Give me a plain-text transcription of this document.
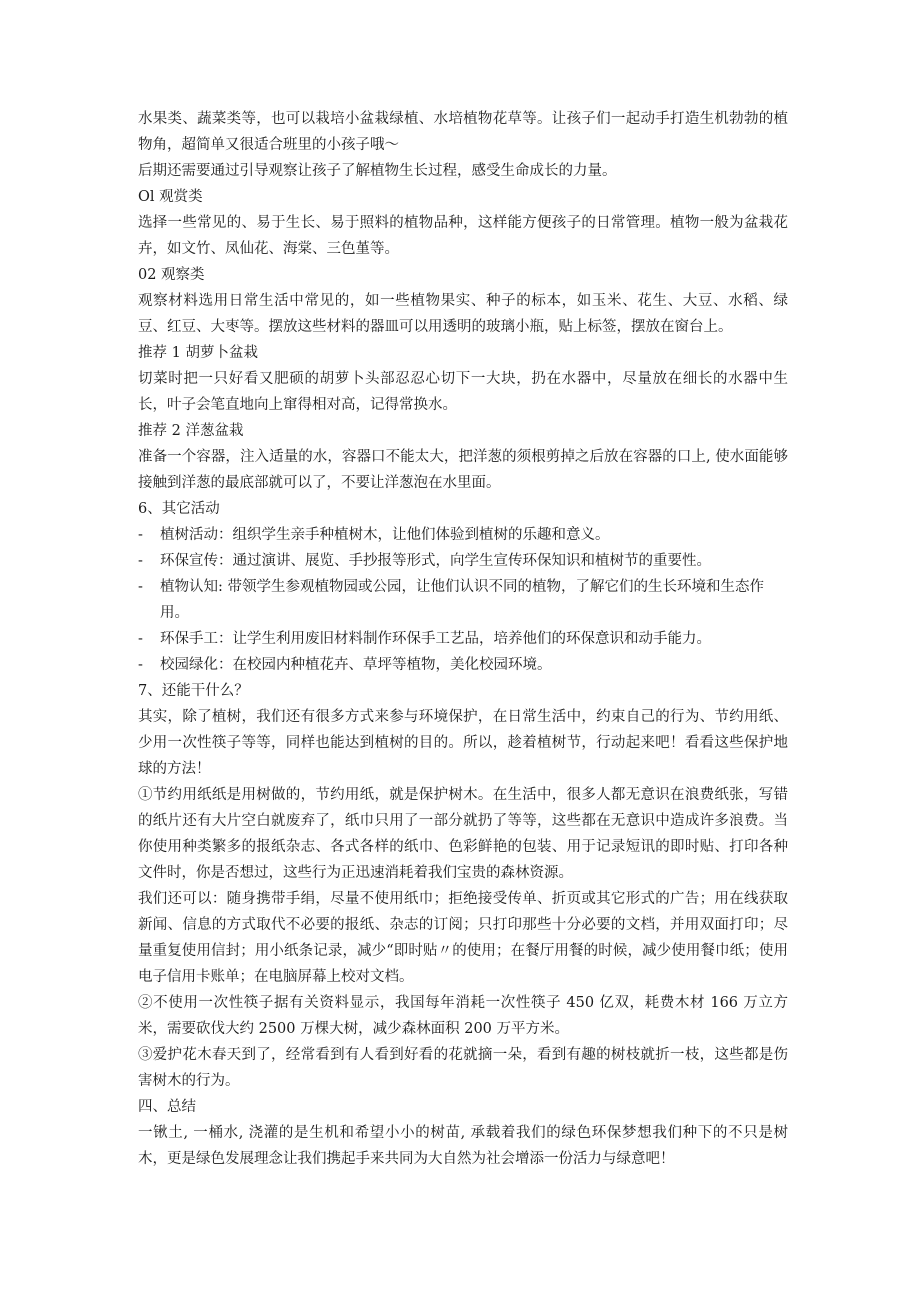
水果类、蔬菜类等，也可以栽培小盆栽绿植、水培植物花草等。让孩子们一起动手打造生机勃勃的植物角，超简单又很适合班里的小孩子哦〜

后期还需要通过引导观察让孩子了解植物生长过程，感受生命成长的力量。

Ol 观赏类

选择一些常见的、易于生长、易于照料的植物品种，这样能方便孩子的日常管理。植物一般为盆栽花卉，如文竹、凤仙花、海棠、三色堇等。

02 观察类

观察材料选用日常生活中常见的，如一些植物果实、种子的标本，如玉米、花生、大豆、水稻、绿豆、红豆、大枣等。摆放这些材料的器皿可以用透明的玻璃小瓶，贴上标签，摆放在窗台上。

推荐 1 胡萝卜盆栽

切菜时把一只好看又肥硕的胡萝卜头部忍忍心切下一大块，扔在水器中，尽量放在细长的水器中生长，叶子会笔直地向上窜得相对高，记得常换水。

推荐 2 洋葱盆栽

准备一个容器，注入适量的水，容器口不能太大，把洋葱的须根剪掉之后放在容器的口上, 使水面能够接触到洋葱的最底部就可以了，不要让洋葱泡在水里面。

6、其它活动

-	植树活动：组织学生亲手种植树木，让他们体验到植树的乐趣和意义。
-	环保宣传：通过演讲、展览、手抄报等形式，向学生宣传环保知识和植树节的重要性。
-	植物认知: 带领学生参观植物园或公园，让他们认识不同的植物，了解它们的生长环境和生态作用。
-	环保手工：让学生利用废旧材料制作环保手工艺品，培养他们的环保意识和动手能力。
-	校园绿化：在校园内种植花卉、草坪等植物，美化校园环境。

7、还能干什么？

其实，除了植树，我们还有很多方式来参与环境保护，在日常生活中，约束自己的行为、节约用纸、少用一次性筷子等等，同样也能达到植树的目的。所以，趁着植树节，行动起来吧！看看这些保护地球的方法！

①节约用纸纸是用树做的，节约用纸，就是保护树木。在生活中，很多人都无意识在浪费纸张，写错的纸片还有大片空白就废弃了，纸巾只用了一部分就扔了等等，这些都在无意识中造成许多浪费。当你使用种类繁多的报纸杂志、各式各样的纸巾、色彩鲜艳的包装、用于记录短讯的即时贴、打印各种文件时，你是否想过，这些行为正迅速消耗着我们宝贵的森林资源。

我们还可以：随身携带手绢，尽量不使用纸巾；拒绝接受传单、折页或其它形式的广告；用在线获取新闻、信息的方式取代不必要的报纸、杂志的订阅；只打印那些十分必要的文档，并用双面打印；尽量重复使用信封；用小纸条记录，减少“即时贴〃的使用；在餐厅用餐的时候，减少使用餐巾纸；使用电子信用卡账单；在电脑屏幕上校对文档。

②不使用一次性筷子据有关资料显示，我国每年消耗一次性筷子 450 亿双，耗费木材 166 万立方米，需要砍伐大约 2500 万棵大树，减少森林面积 200 万平方米。

③爱护花木春天到了，经常看到有人看到好看的花就摘一朵，看到有趣的树枝就折一枝，这些都是伤害树木的行为。

四、总结

一锹土, 一桶水, 浇灌的是生机和希望小小的树苗, 承载着我们的绿色环保梦想我们种下的不只是树木，更是绿色发展理念让我们携起手来共同为大自然为社会增添一份活力与绿意吧！
